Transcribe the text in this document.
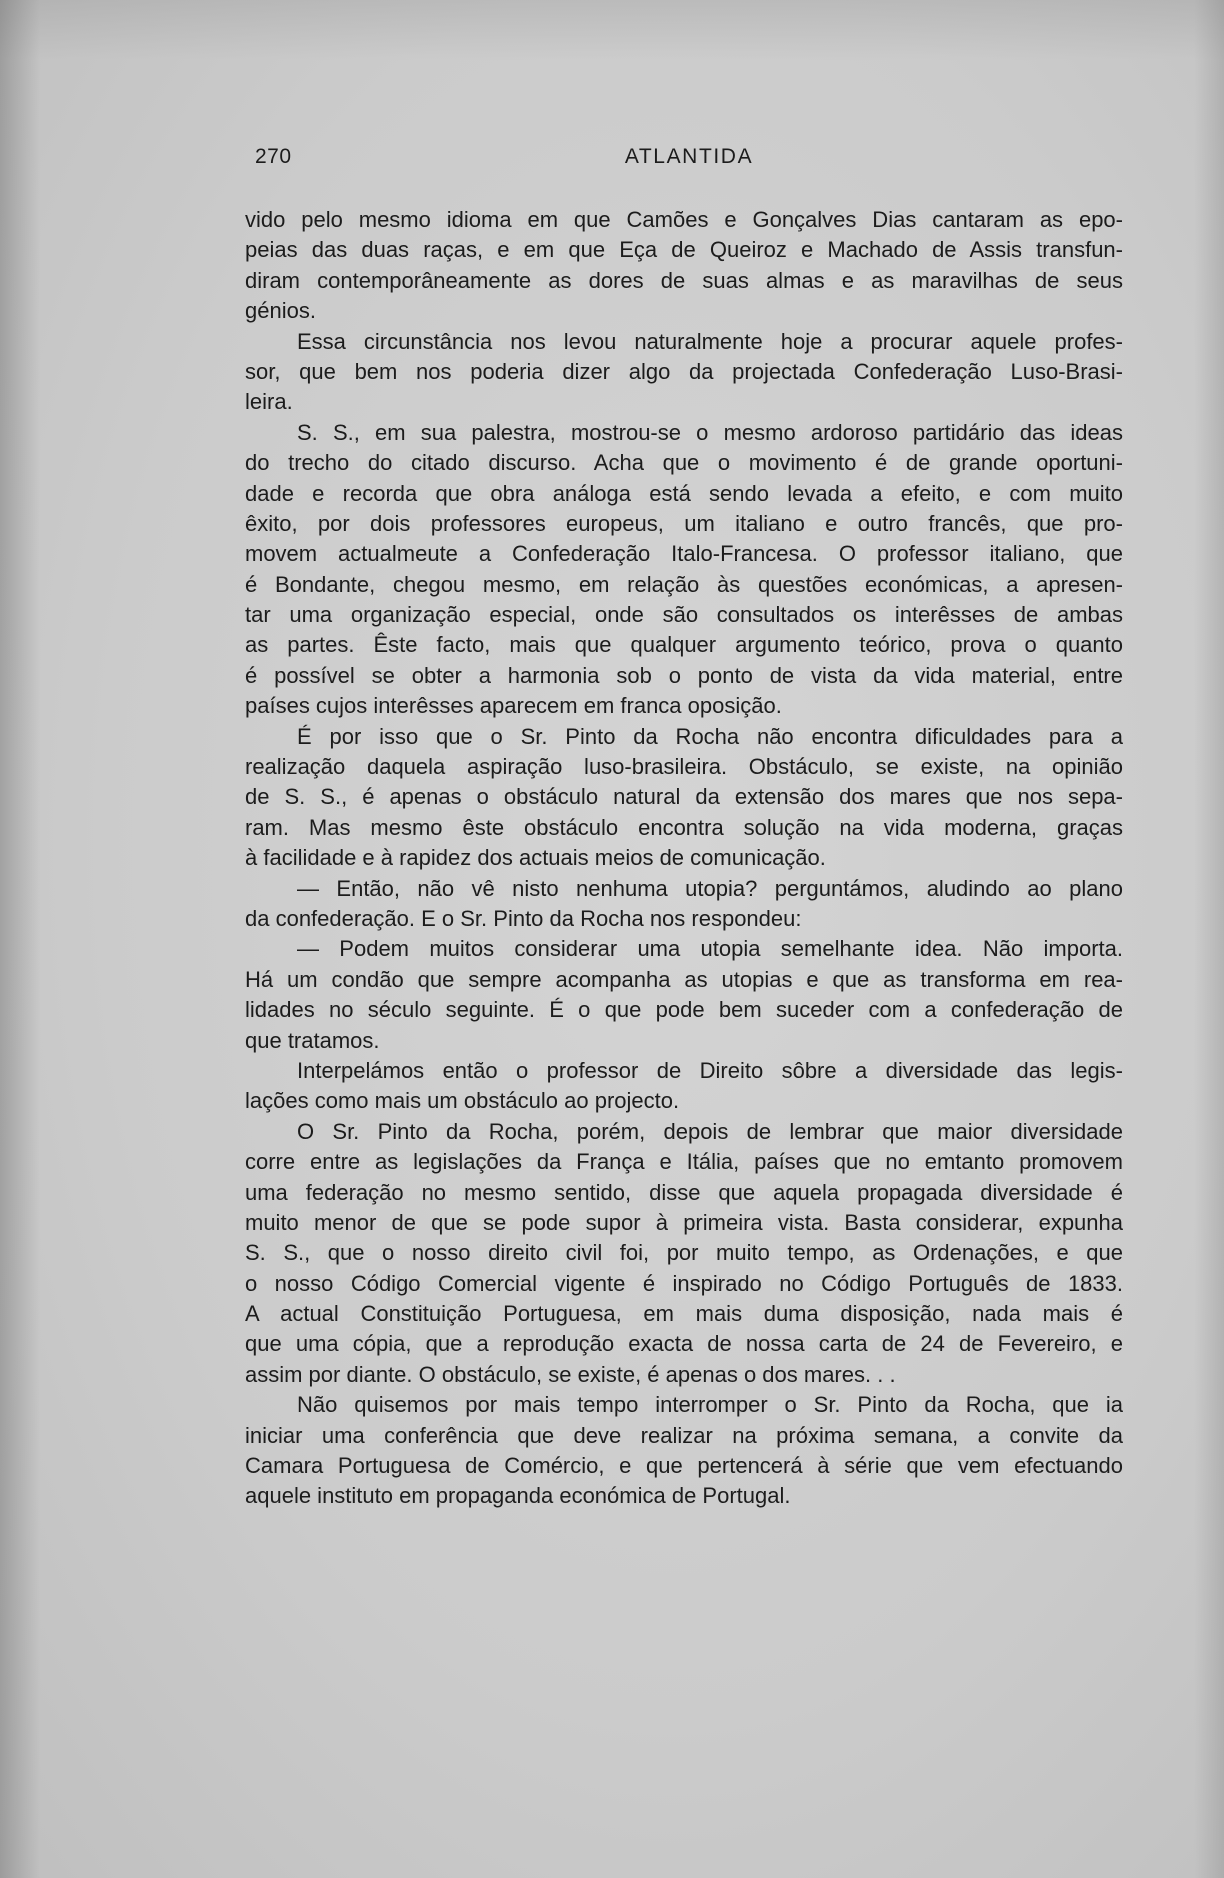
270	ATLANTIDA
vido pelo mesmo idioma em que Camões e Gonçalves Dias cantaram as epo-
peias das duas raças, e em que Eça de Queiroz e Machado de Assis transfun-
diram contemporâneamente as dores de suas almas e as maravilhas de seus
génios.
Essa circunstância nos levou naturalmente hoje a procurar aquele profes-
sor, que bem nos poderia dizer algo da projectada Confederação Luso-Brasi-
leira.
S. S., em sua palestra, mostrou-se o mesmo ardoroso partidário das ideas
do trecho do citado discurso. Acha que o movimento é de grande oportuni-
dade e recorda que obra análoga está sendo levada a efeito, e com muito
êxito, por dois professores europeus, um italiano e outro francês, que pro-
movem actualmeute a Confederação Italo-Francesa. O professor italiano, que
é Bondante, chegou mesmo, em relação às questões económicas, a apresen-
tar uma organização especial, onde são consultados os interêsses de ambas
as partes. Êste facto, mais que qualquer argumento teórico, prova o quanto
é possível se obter a harmonia sob o ponto de vista da vida material, entre
países cujos interêsses aparecem em franca oposição.
É por isso que o Sr. Pinto da Rocha não encontra dificuldades para a
realização daquela aspiração luso-brasileira. Obstáculo, se existe, na opinião
de S. S., é apenas o obstáculo natural da extensão dos mares que nos sepa-
ram. Mas mesmo êste obstáculo encontra solução na vida moderna, graças
à facilidade e à rapidez dos actuais meios de comunicação.
— Então, não vê nisto nenhuma utopia? perguntámos, aludindo ao plano
da confederação. E o Sr. Pinto da Rocha nos respondeu:
— Podem muitos considerar uma utopia semelhante idea. Não importa.
Há um condão que sempre acompanha as utopias e que as transforma em rea-
lidades no século seguinte. É o que pode bem suceder com a confederação de
que tratamos.
Interpelámos então o professor de Direito sôbre a diversidade das legis-
lações como mais um obstáculo ao projecto.
O Sr. Pinto da Rocha, porém, depois de lembrar que maior diversidade
corre entre as legislações da França e Itália, países que no emtanto promovem
uma federação no mesmo sentido, disse que aquela propagada diversidade é
muito menor de que se pode supor à primeira vista. Basta considerar, expunha
S. S., que o nosso direito civil foi, por muito tempo, as Ordenações, e que
o nosso Código Comercial vigente é inspirado no Código Português de 1833.
A actual Constituição Portuguesa, em mais duma disposição, nada mais é
que uma cópia, que a reprodução exacta de nossa carta de 24 de Fevereiro, e
assim por diante. O obstáculo, se existe, é apenas o dos mares. . .
Não quisemos por mais tempo interromper o Sr. Pinto da Rocha, que ia
iniciar uma conferência que deve realizar na próxima semana, a convite da
Camara Portuguesa de Comércio, e que pertencerá à série que vem efectuando
aquele instituto em propaganda económica de Portugal.
